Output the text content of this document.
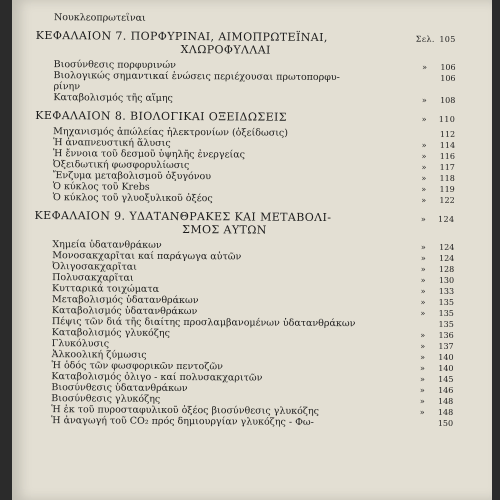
Νουκλεοπρωτεΐναι
ΚΕΦΑΛΑΙΟΝ 7. ΠΟΡΦΥΡΙΝΑΙ, ΑΙΜΟΠΡΩΤΕΪΝΑΙ,
ΧΛΩΡΟΦΥΛΛΑΙ
Σελ. 105
Βιοσύνθεσις πορφυρινών	»	106
Βιολογικώς σημαντικαί ἑνώσεις περιέχουσαι πρωτοπορφυ-	106
ρίνην
Καταβολισμός τῆς αἵμης	»	108
ΚΕΦΑΛΑΙΟΝ 8. ΒΙΟΛΟΓΙΚΑΙ ΟΞΕΙΔΩΣΕΙΣ	»	110
Μηχανισμός ἀπώλείας ἠλεκτρονίων (ὀξείδωσις)	112
Ἡ ἀναπνευστική ἅλυσις	»	114
Ἡ ἔννοια τοῦ δεσμοῦ ὑψηλῆς ἐνεργείας	»	116
Ὀξειδωτική φωσφορυλίωσις	»	117
Ἔνζυμα μεταβολισμοῦ ὀξυγόνου	»	118
Ὁ κύκλος τοῦ Krebs	»	119
Ὁ κύκλος τοῦ γλυοξυλικοῦ ὀξέος	»	122
ΚΕΦΑΛΑΙΟΝ 9. ΥΔΑΤΑΝΘΡΑΚΕΣ ΚΑΙ ΜΕΤΑΒΟΛΙ-
ΣΜΟΣ ΑΥΤΩΝ
»	124
Χημεία ὑδατανθράκων	»	124
Μονοσακχαρῖται καί παράγωγα αὐτῶν	»	124
Ὀλιγοσακχαρῖται	»	128
Πολυσακχαρῖται	»	130
Κυτταρικά τοιχώματα	»	133
Μεταβολισμός ὑδατανθράκων	»	135
Καταβολισμός ὑδατανθράκων	»	135
Πέψις τῶν διά τῆς διαίτης προσλαμβανομένων ὑδατανθράκων	135
Καταβολισμός γλυκόζης	»	136
Γλυκόλυσις	»	137
Ἀλκοολική ζύμωσις	»	140
Ἡ ὁδός τῶν φωσφορικῶν πεντοζῶν	»	140
Καταβολισμός ὀλιγο - καί πολυσακχαριτῶν	»	145
Βιοσύνθεσις ὑδατανθράκων	»	146
Βιοσύνθεσις γλυκόζης	»	148
Ἡ ἐκ τοῦ πυροσταφυλικοῦ ὀξέος βιοσύνθεσις γλυκόζης	»	148
Ἡ ἀναγωγή τοῦ CO₂ πρός δημιουργίαν γλυκόζης - Φω-	150
